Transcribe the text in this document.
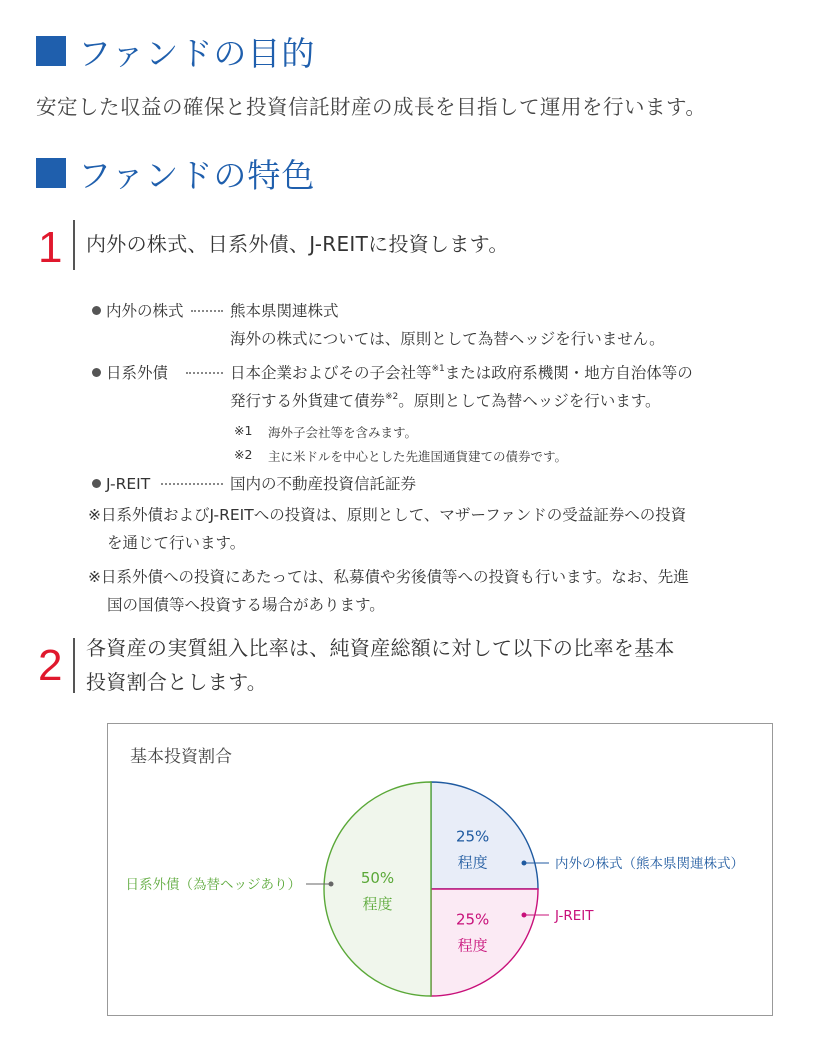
ファンドの目的
安定した収益の確保と投資信託財産の成長を目指して運用を行います。
ファンドの特色
1 内外の株式、日系外債、J-REITに投資します。
内外の株式	熊本県関連株式
海外の株式については、原則として為替ヘッジを行いません。
日系外債	日本企業およびその子会社等$^{※1}$または政府系機関・地方自治体等の
発行する外貨建て債券$^{※2}$。原則として為替ヘッジを行います。
※1 海外子会社等を含みます。
※2 主に米ドルを中心とした先進国通貨建ての債券です。
J-REIT	国内の不動産投資信託証券
※日系外債およびJ-REITへの投資は、原則として、マザーファンドの受益証券への投資
を通じて行います。
※日系外債への投資にあたっては、私募債や劣後債等への投資も行います。なお、先進
国の国債等へ投資する場合があります。
2 各資産の実質組入比率は、純資産総額に対して以下の比率を基本
投資割合とします。
基本投資割合
25%
程度
25%
程度
50%
程度
内外の株式（熊本県関連株式）
J-REIT
日系外債（為替ヘッジあり）
